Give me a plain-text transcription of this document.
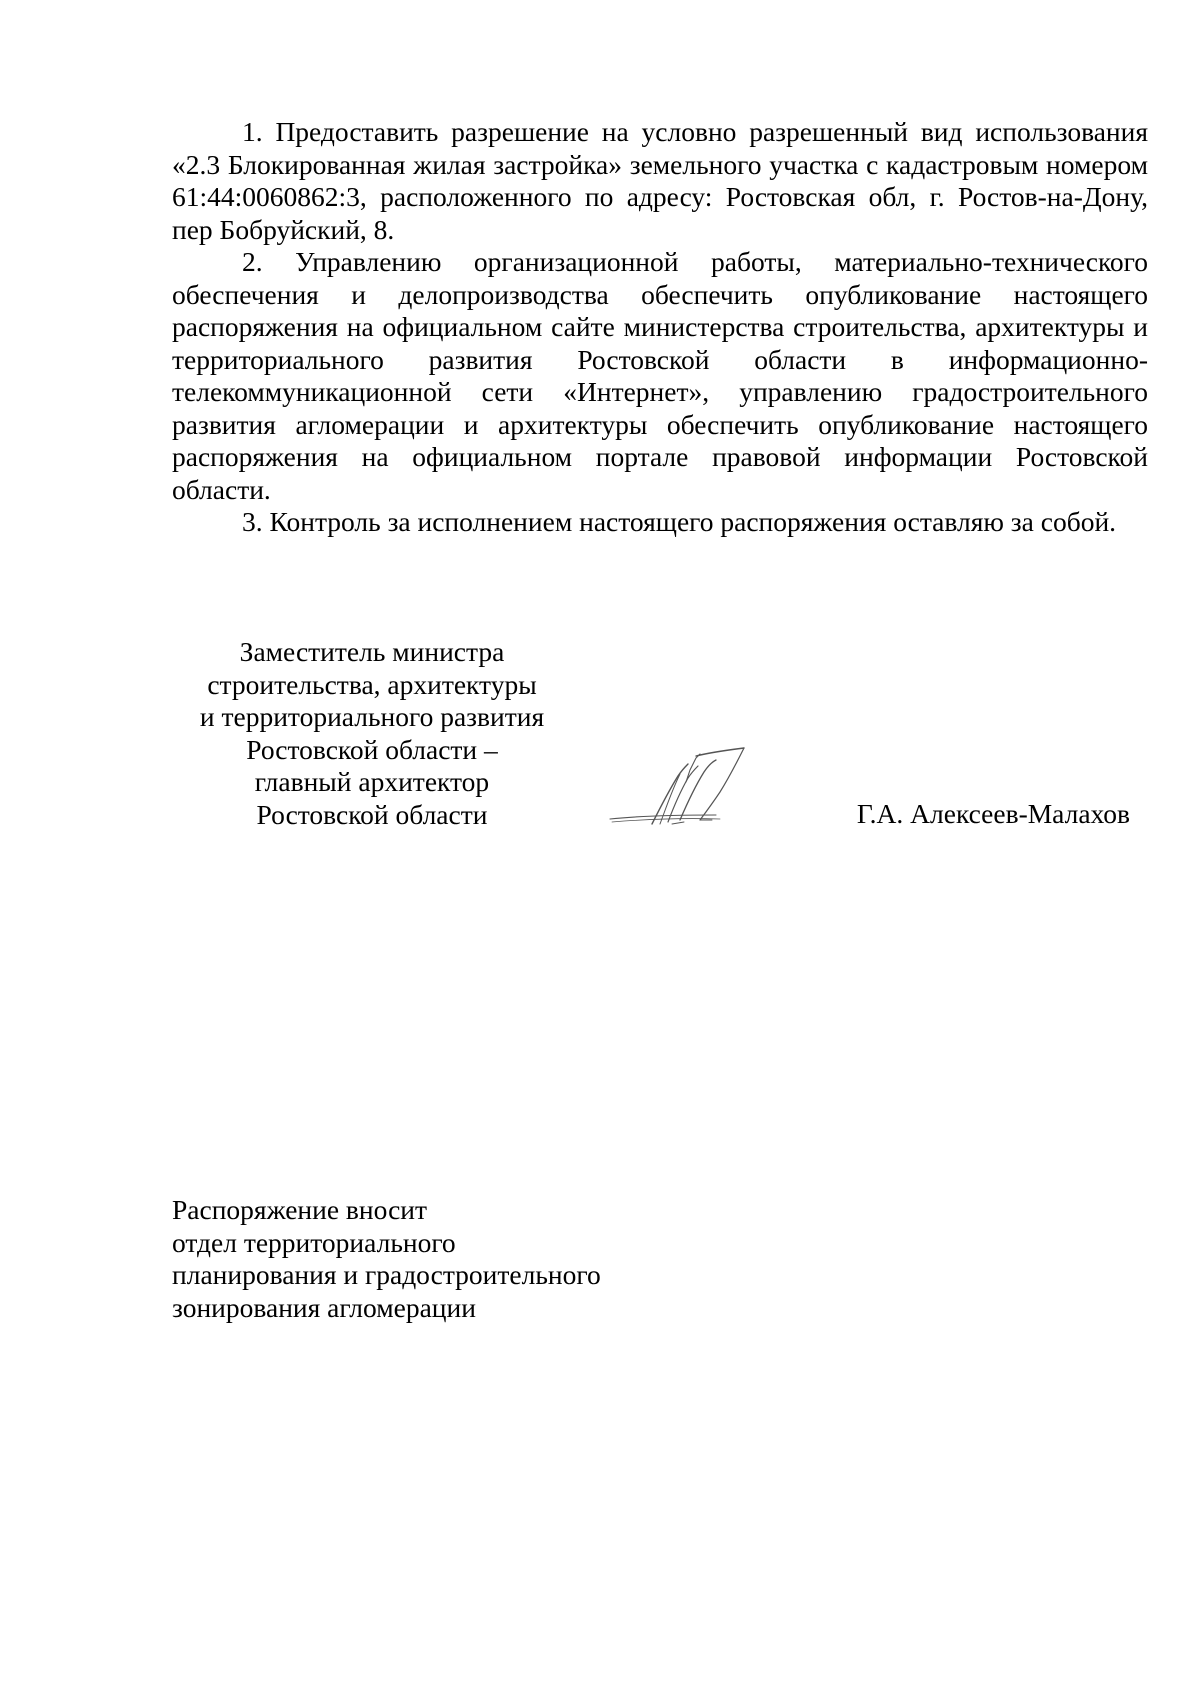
1. Предоставить разрешение на условно разрешенный вид использования «2.3 Блокированная жилая застройка» земельного участка с кадастровым номером 61:44:0060862:3, расположенного по адресу: Ростовская обл, г. Ростов-на-Дону, пер Бобруйский, 8.

2. Управлению организационной работы, материально-технического обеспечения и делопроизводства обеспечить опубликование настоящего распоряжения на официальном сайте министерства строительства, архитектуры и территориального развития Ростовской области в информационно-телекоммуникационной сети «Интернет», управлению градостроительного развития агломерации и архитектуры обеспечить опубликование настоящего распоряжения на официальном портале правовой информации Ростовской области.

3. Контроль за исполнением настоящего распоряжения оставляю за собой.

Заместитель министра
строительства, архитектуры
и территориального развития
Ростовской области –
главный архитектор
Ростовской области	Г.А. Алексеев-Малахов
Распоряжение вносит
отдел территориального
планирования и градостроительного
зонирования агломерации
